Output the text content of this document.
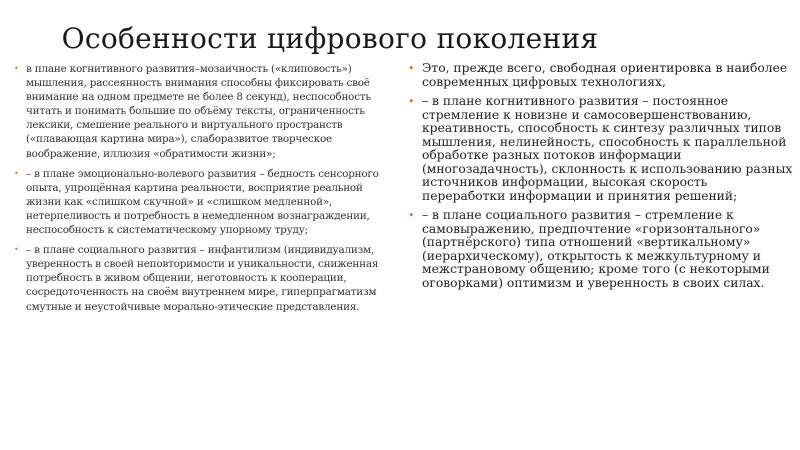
Особенности цифрового поколения
• в плане когнитивного развития–мозаичность («клиповость») мышления, рассеянность внимания способны фиксировать своё внимание на одном предмете не более 8 секунд), неспособность читать и понимать большие по объёму тексты, ограниченность лексики, смешение реального и виртуального пространств («плавающая картина мира»), слаборазвитое творческое воображение, иллюзия «обратимости жизни»;
• – в плане эмоционально-волевого развития – бедность сенсорного опыта, упрощённая картина реальности, восприятие реальной жизни как «слишком скучной» и «слишком медленной», нетерпеливость и потребность в немедленном вознаграждении, неспособность к систематическому упорному труду;
• – в плане социального развития – инфантилизм (индивидуализм, уверенность в своей неповторимости и уникальности, сниженная потребность в живом общении, неготовность к кооперации, сосредоточенность на своём внутреннем мире, гиперпрагматизм смутные и неустойчивые морально-этические представления.
• Это, прежде всего, свободная ориентировка в наиболее современных цифровых технологиях,
• – в плане когнитивного развития – постоянное стремление к новизне и самосовершенствованию, креативность, способность к синтезу различных типов мышления, нелинейность, способность к параллельной обработке разных потоков информации (многозадачность), склонность к использованию разных источников информации, высокая скорость переработки информации и принятия решений;
• – в плане социального развития – стремление к самовыражению, предпочтение «горизонтального» (партнёрского) типа отношений «вертикальному» (иерархическому), открытость к межкультурному и межстрановому общению; кроме того (с некоторыми оговорками) оптимизм и уверенность в своих силах.
